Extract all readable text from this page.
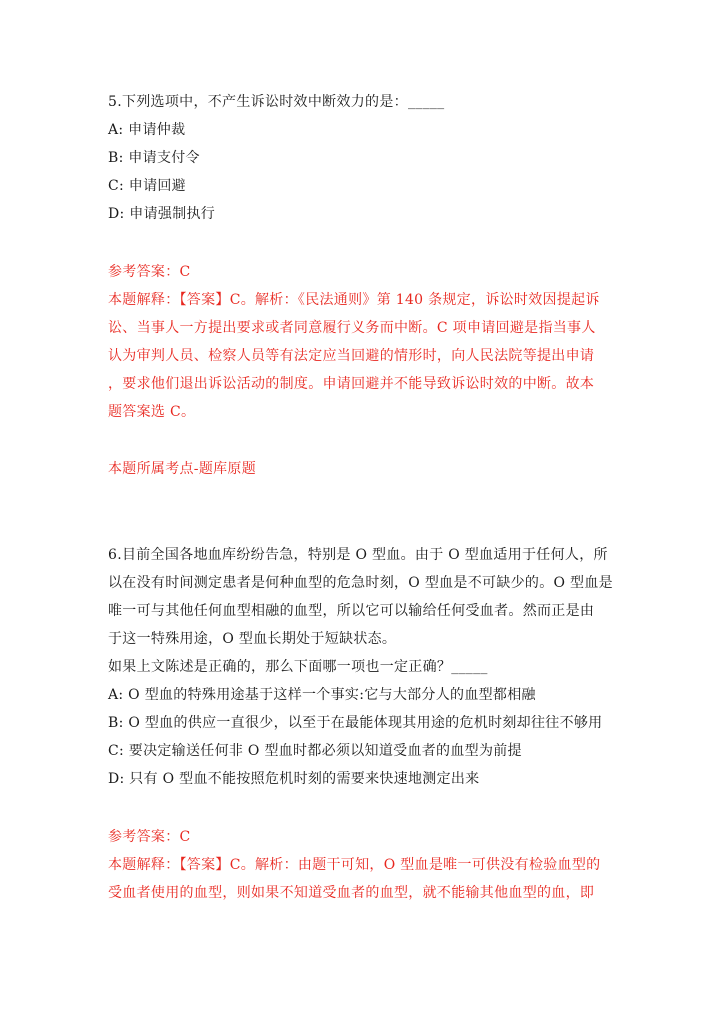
5.下列选项中，不产生诉讼时效中断效力的是：_____
A: 申请仲裁
B: 申请支付令
C: 申请回避
D: 申请强制执行
参考答案：C
本题解释：【答案】C。解析：《民法通则》第 140 条规定，诉讼时效因提起诉
讼、当事人一方提出要求或者同意履行义务而中断。C 项申请回避是指当事人
认为审判人员、检察人员等有法定应当回避的情形时，向人民法院等提出申请
，要求他们退出诉讼活动的制度。申请回避并不能导致诉讼时效的中断。故本
题答案选 C。
本题所属考点-题库原题
6.目前全国各地血库纷纷告急，特别是 O 型血。由于 O 型血适用于任何人，所
以在没有时间测定患者是何种血型的危急时刻，O 型血是不可缺少的。O 型血是
唯一可与其他任何血型相融的血型，所以它可以输给任何受血者。然而正是由
于这一特殊用途，O 型血长期处于短缺状态。
如果上文陈述是正确的，那么下面哪一项也一定正确？_____
A: O 型血的特殊用途基于这样一个事实:它与大部分人的血型都相融
B: O 型血的供应一直很少，以至于在最能体现其用途的危机时刻却往往不够用
C: 要决定输送任何非 O 型血时都必须以知道受血者的血型为前提
D: 只有 O 型血不能按照危机时刻的需要来快速地测定出来
参考答案：C
本题解释：【答案】C。解析：由题干可知，O 型血是唯一可供没有检验血型的
受血者使用的血型，则如果不知道受血者的血型，就不能输其他血型的血，即
